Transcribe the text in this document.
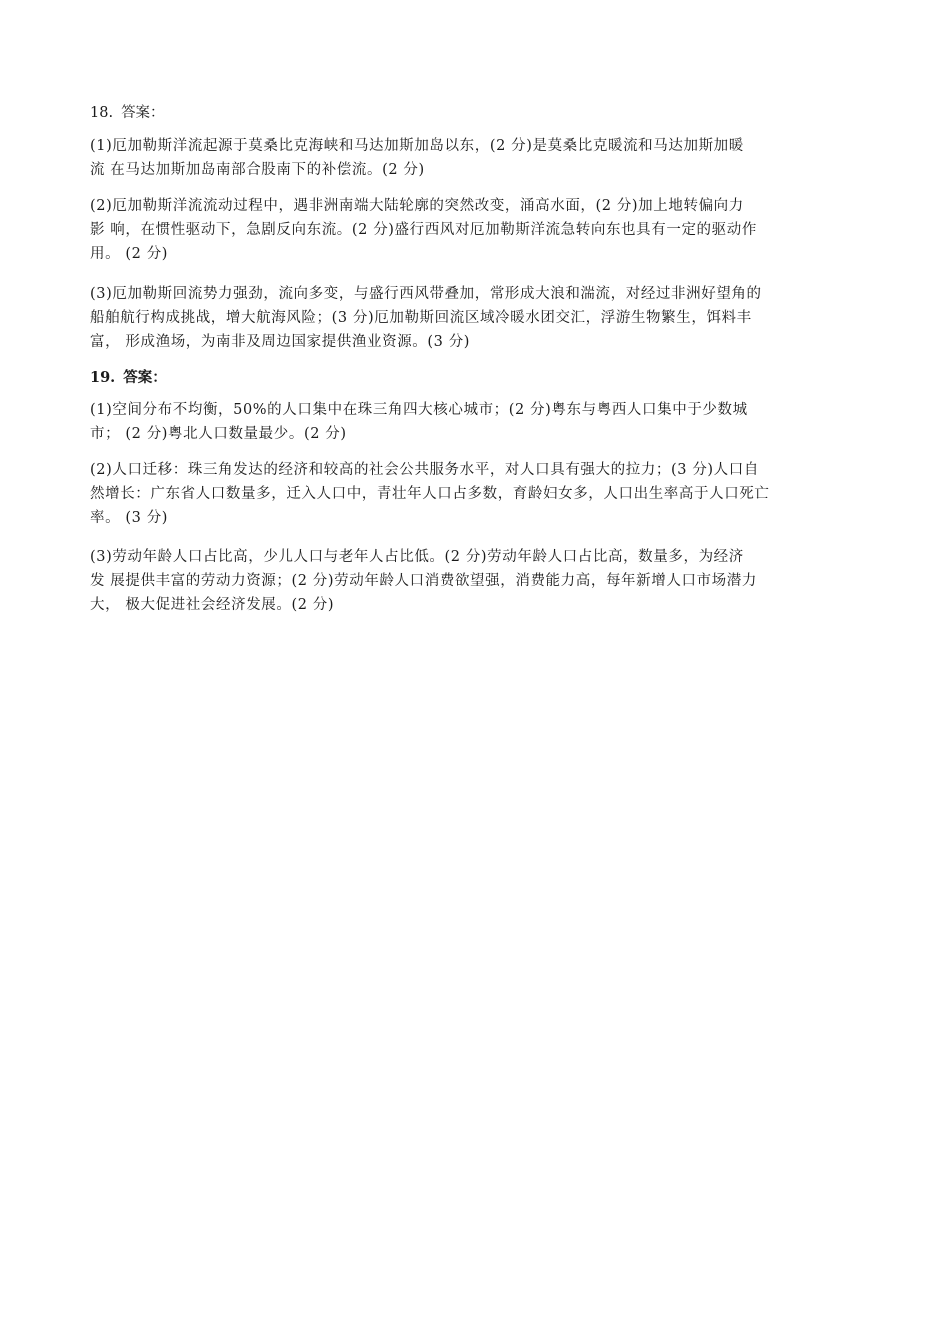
18. 答案：
(1)厄加勒斯洋流起源于莫桑比克海峡和马达加斯加岛以东，(2 分)是莫桑比克暖流和马达加斯加暖
流 在马达加斯加岛南部合股南下的补偿流。(2 分)
(2)厄加勒斯洋流流动过程中，遇非洲南端大陆轮廓的突然改变，涌高水面，(2 分)加上地转偏向力
影 响，在惯性驱动下，急剧反向东流。(2 分)盛行西风对厄加勒斯洋流急转向东也具有一定的驱动作
用。 (2 分)
(3)厄加勒斯回流势力强劲，流向多变，与盛行西风带叠加，常形成大浪和湍流，对经过非洲好望角的
船舶航行构成挑战，增大航海风险；(3 分)厄加勒斯回流区域冷暖水团交汇，浮游生物繁生，饵料丰
富， 形成渔场，为南非及周边国家提供渔业资源。(3 分)
19. 答案：
(1)空间分布不均衡，50%的人口集中在珠三角四大核心城市；(2 分)粤东与粤西人口集中于少数城
市； (2 分)粤北人口数量最少。(2 分)
(2)人口迁移：珠三角发达的经济和较高的社会公共服务水平，对人口具有强大的拉力；(3 分)人口自
然增长：广东省人口数量多，迁入人口中，青壮年人口占多数，育龄妇女多，人口出生率高于人口死亡
率。 (3 分)
(3)劳动年龄人口占比高，少儿人口与老年人占比低。(2 分)劳动年龄人口占比高，数量多，为经济
发 展提供丰富的劳动力资源；(2 分)劳动年龄人口消费欲望强，消费能力高，每年新增人口市场潜力
大， 极大促进社会经济发展。(2 分)
